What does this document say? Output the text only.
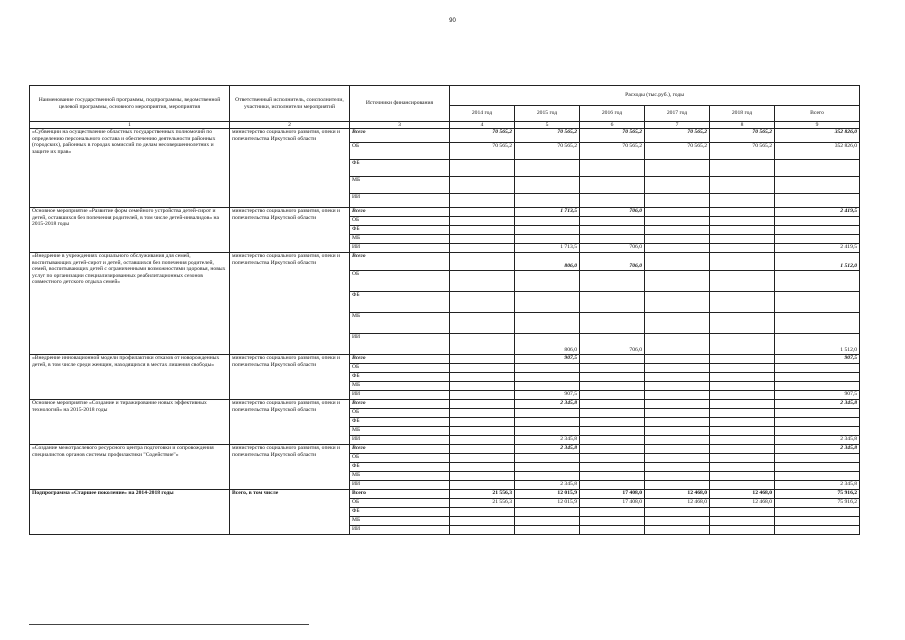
90
Наименование государственной программы, подпрограммы, ведомственной целевой программы, основного мероприятия, мероприятия	Ответственный исполнитель, соисполнители, участники, исполнители мероприятий	Источники финансирования	Расходы (тыс.руб.), годы					
			2014 год	2015 год	2016 год	2017 год	2018 год	Всего
1	2	3	4	5	6	7	8	9
«Субвенции на осуществление областных государственных полномочий по определению персонального состава и обеспечению деятельности районных (городских), районных в городах комиссий по делам несовершеннолетних и защите их прав»	министерство социального развития, опеки и попечительства Иркутской области	Всего	70 565,2	70 565,2	70 565,2	70 565,2	70 565,2	352 826,0
		ОБ	70 565,2	70 565,2	70 565,2	70 565,2	70 565,2	352 826,0
		ФБ						
		МБ						
		ИИ						
Основное мероприятие «Развитие форм семейного устройства детей-сирот и детей, оставшихся без попечения родителей, в том числе детей-инвалидов» на 2015-2018 годы	министерство социального развития, опеки и попечительства Иркутской области	Всего		1 713,5	706,0			2 419,5
		ОБ						
		ФБ						
		МБ						
		ИИ		1 713,5	706,0			2 419,5
«Внедрение в учреждениях социального обслуживания для семей, воспитывающих детей-сирот и детей, оставшихся без попечения родителей, семей, воспитывающих детей с ограниченными возможностями здоровья, новых услуг по организации специализированных реабилитационных сезонов совместного детского отдыха семей»	министерство социального развития, опеки и попечительства Иркутской области	Всего		806,0	706,0			1 512,0
		ОБ						
		ФБ						
		МБ						
		ИИ		806,0	706,0			1 512,0
«Внедрение инновационной модели профилактики отказов от новорожденных детей, в том числе среди женщин, находящихся в местах лишения свободы»	министерство социального развития, опеки и попечительства Иркутской области	Всего		907,5				907,5
		ОБ						
		ФБ						
		МБ						
		ИИ		907,5				907,5
Основное мероприятие «Создание и тиражирование новых эффективных технологий» на 2015-2018 годы	министерство социального развития, опеки и попечительства Иркутской области	Всего		2 345,8				2 345,8
		ОБ						
		ФБ						
		МБ						
		ИИ		2 345,8				2 345,8
«Создание межотраслевого ресурсного центра подготовки и сопровождения специалистов органов системы профилактики "Содействие"»	министерство социального развития, опеки и попечительства Иркутской области	Всего		2 345,8				2 345,8
		ОБ						
		ФБ						
		МБ						
		ИИ		2 345,8				2 345,8
Подпрограмма «Старшее поколение» на 2014-2018 годы	Всего, в том числе	Всего	21 556,3	12 015,9	17 408,0	12 468,0	12 468,0	75 916,2
		ОБ	21 556,3	12 015,9	17 408,0	12 468,0	12 468,0	75 916,2
		ФБ						
		МБ						
		ИИ						
